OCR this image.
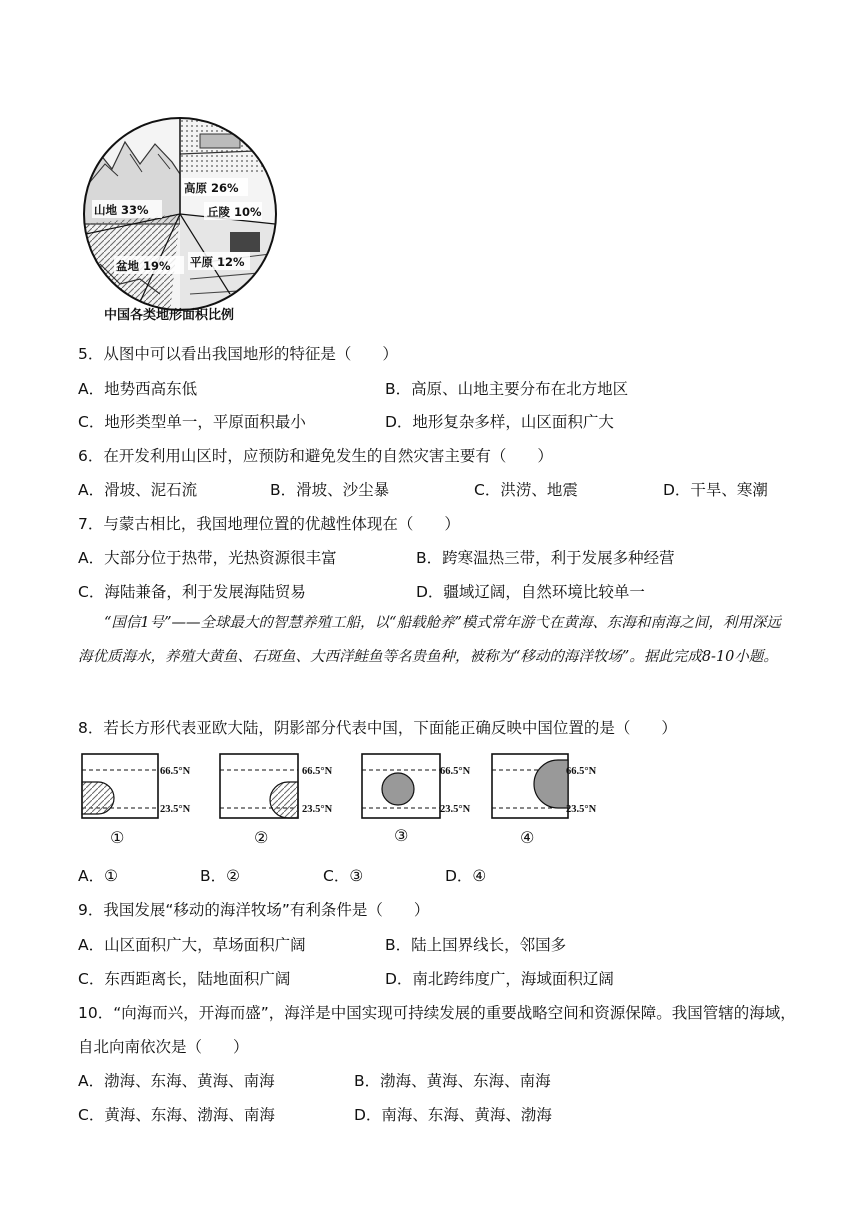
高原 26%
丘陵 10%
山地 33%
平原 12%
盆地 19%
中国各类地形面积比例
5．从图中可以看出我国地形的特征是（　　）
A．地势西高东低	B．高原、山地主要分布在北方地区
C．地形类型单一，平原面积最小	D．地形复杂多样，山区面积广大
6．在开发利用山区时，应预防和避免发生的自然灾害主要有（　　）
A．滑坡、泥石流	B．滑坡、沙尘暴	C．洪涝、地震	D．干旱、寒潮
7．与蒙古相比，我国地理位置的优越性体现在（　　）
A．大部分位于热带，光热资源很丰富	B．跨寒温热三带，利于发展多种经营
C．海陆兼备，利于发展海陆贸易	D．疆域辽阔，自然环境比较单一
“国信1号”——全球最大的智慧养殖工船，以“船载舱养”模式常年游弋在黄海、东海和南海之间，利用深远海优质海水，养殖大黄鱼、石斑鱼、大西洋鲑鱼等名贵鱼种，被称为“移动的海洋牧场”。据此完成8-10小题。
8．若长方形代表亚欧大陆，阴影部分代表中国，下面能正确反映中国位置的是（　　）
66.5°N
23.5°N
66.5°N
23.5°N
66.5°N
23.5°N
66.5°N
23.5°N
①	②	③	④
A．①	B．②	C．③	D．④
9．我国发展“移动的海洋牧场”有利条件是（　　）
A．山区面积广大，草场面积广阔	B．陆上国界线长，邻国多
C．东西距离长，陆地面积广阔	D．南北跨纬度广，海域面积辽阔
10．“向海而兴，开海而盛”，海洋是中国实现可持续发展的重要战略空间和资源保障。我国管辖的海域，
自北向南依次是（　　）
A．渤海、东海、黄海、南海	B．渤海、黄海、东海、南海
C．黄海、东海、渤海、南海	D．南海、东海、黄海、渤海
